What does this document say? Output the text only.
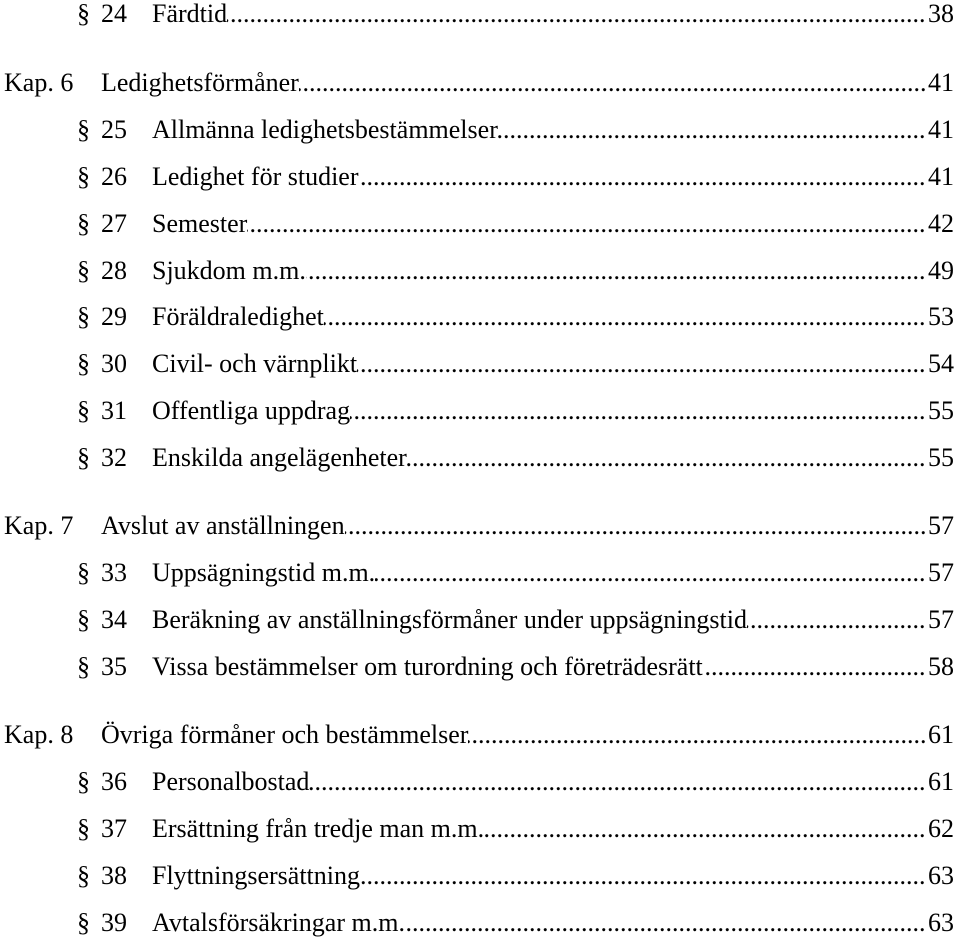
§ 24 Färdtid .....	38
Kap. 6 Ledighetsförmåner .....	41
§ 25 Allmänna ledighetsbestämmelser .....	41
§ 26 Ledighet för studier .....	41
§ 27 Semester .....	42
§ 28 Sjukdom m.m. .....	49
§ 29 Föräldraledighet .....	53
§ 30 Civil- och värnplikt .....	54
§ 31 Offentliga uppdrag .....	55
§ 32 Enskilda angelägenheter .....	55
Kap. 7 Avslut av anställningen .....	57
§ 33 Uppsägningstid m.m. .....	57
§ 34 Beräkning av anställningsförmåner under uppsägningstid .....	57
§ 35 Vissa bestämmelser om turordning och företrädesrätt .....	58
Kap. 8 Övriga förmåner och bestämmelser .....	61
§ 36 Personalbostad .....	61
§ 37 Ersättning från tredje man m.m. .....	62
§ 38 Flyttningsersättning .....	63
§ 39 Avtalsförsäkringar m.m. .....	63
